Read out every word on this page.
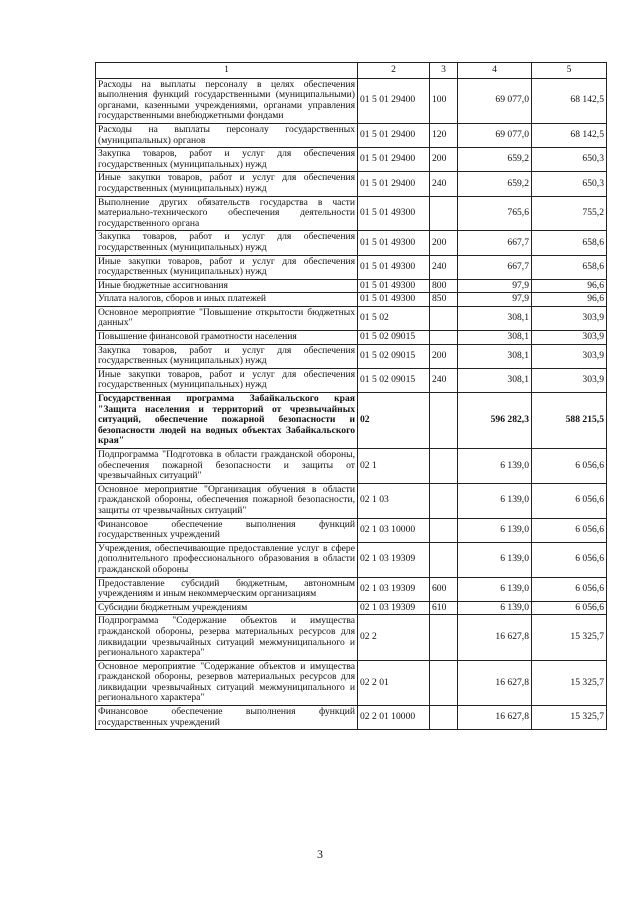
1	2	3	4	5
Расходы на выплаты персоналу в целях обеспечения выполнения функций государственными (муниципальными) органами, казенными учреждениями, органами управления государственными внебюджетными фондами	01 5 01 29400	100	69 077,0	68 142,5
Расходы на выплаты персоналу государственных (муниципальных) органов	01 5 01 29400	120	69 077,0	68 142,5
Закупка товаров, работ и услуг для обеспечения государственных (муниципальных) нужд	01 5 01 29400	200	659,2	650,3
Иные закупки товаров, работ и услуг для обеспечения государственных (муниципальных) нужд	01 5 01 29400	240	659,2	650,3
Выполнение других обязательств государства в части материально-технического обеспечения деятельности государственного органа	01 5 01 49300		765,6	755,2
Закупка товаров, работ и услуг для обеспечения государственных (муниципальных) нужд	01 5 01 49300	200	667,7	658,6
Иные закупки товаров, работ и услуг для обеспечения государственных (муниципальных) нужд	01 5 01 49300	240	667,7	658,6
Иные бюджетные ассигнования	01 5 01 49300	800	97,9	96,6
Уплата налогов, сборов и иных платежей	01 5 01 49300	850	97,9	96,6
Основное мероприятие "Повышение открытости бюджетных данных"	01 5 02		308,1	303,9
Повышение финансовой грамотности населения	01 5 02 09015		308,1	303,9
Закупка товаров, работ и услуг для обеспечения государственных (муниципальных) нужд	01 5 02 09015	200	308,1	303,9
Иные закупки товаров, работ и услуг для обеспечения государственных (муниципальных) нужд	01 5 02 09015	240	308,1	303,9
Государственная программа Забайкальского края "Защита населения и территорий от чрезвычайных ситуаций, обеспечение пожарной безопасности и безопасности людей на водных объектах Забайкальского края"	02		596 282,3	588 215,5
Подпрограмма "Подготовка в области гражданской обороны, обеспечения пожарной безопасности и защиты от чрезвычайных ситуаций"	02 1		6 139,0	6 056,6
Основное мероприятие "Организация обучения в области гражданской обороны, обеспечения пожарной безопасности, защиты от чрезвычайных ситуаций"	02 1 03		6 139,0	6 056,6
Финансовое обеспечение выполнения функций государственных учреждений	02 1 03 10000		6 139,0	6 056,6
Учреждения, обеспечивающие предоставление услуг в сфере дополнительного профессионального образования в области гражданской обороны	02 1 03 19309		6 139,0	6 056,6
Предоставление субсидий бюджетным, автономным учреждениям и иным некоммерческим организациям	02 1 03 19309	600	6 139,0	6 056,6
Субсидии бюджетным учреждениям	02 1 03 19309	610	6 139,0	6 056,6
Подпрограмма "Содержание объектов и имущества гражданской обороны, резерва материальных ресурсов для ликвидации чрезвычайных ситуаций межмуниципального и регионального характера"	02 2		16 627,8	15 325,7
Основное мероприятие "Содержание объектов и имущества гражданской обороны, резервов материальных ресурсов для ликвидации чрезвычайных ситуаций межмуниципального и регионального характера"	02 2 01		16 627,8	15 325,7
Финансовое обеспечение выполнения функций государственных учреждений	02 2 01 10000		16 627,8	15 325,7
3
